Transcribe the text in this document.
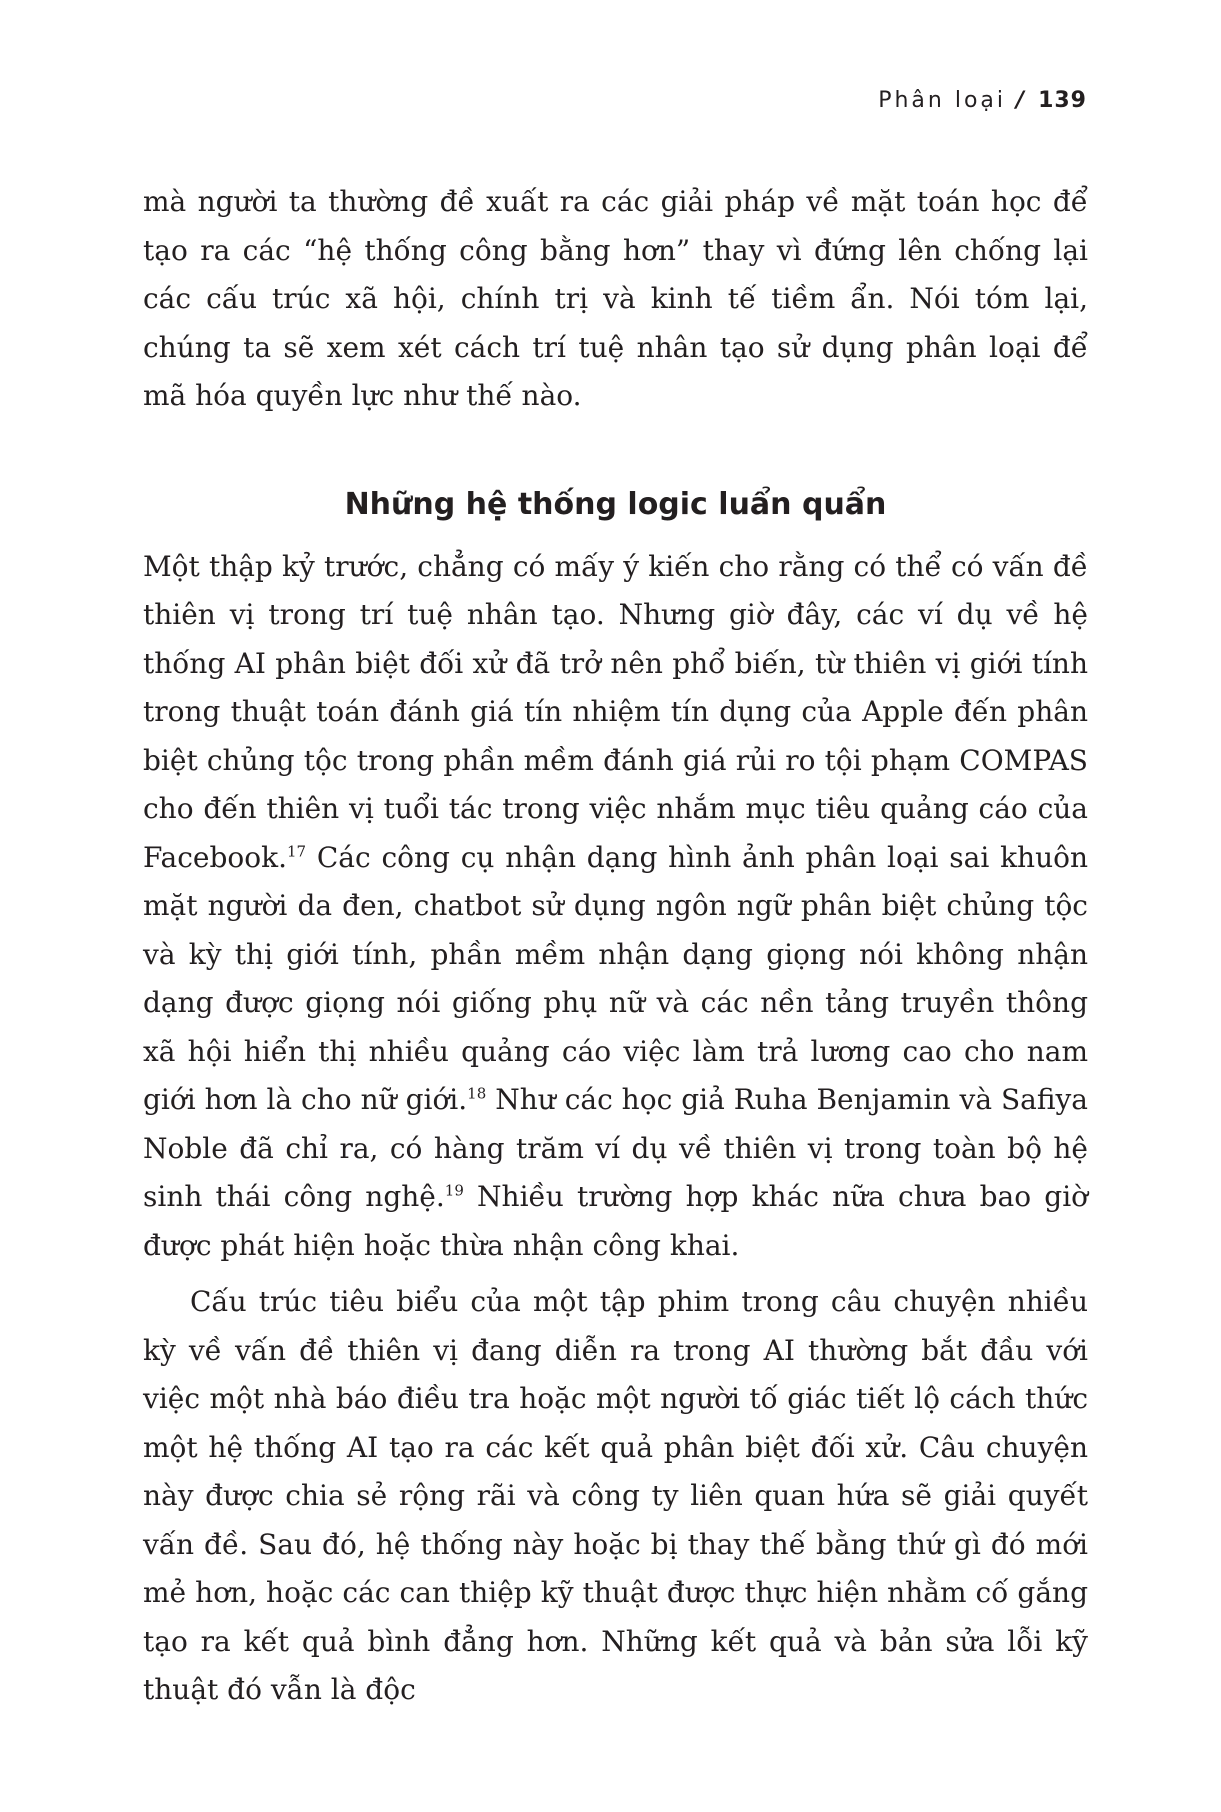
Phân loại / 139

mà người ta thường đề xuất ra các giải pháp về mặt toán học để tạo ra các “hệ thống công bằng hơn” thay vì đứng lên chống lại các cấu trúc xã hội, chính trị và kinh tế tiềm ẩn. Nói tóm lại, chúng ta sẽ xem xét cách trí tuệ nhân tạo sử dụng phân loại để mã hóa quyền lực như thế nào.

Những hệ thống logic luẩn quẩn

Một thập kỷ trước, chẳng có mấy ý kiến cho rằng có thể có vấn đề thiên vị trong trí tuệ nhân tạo. Nhưng giờ đây, các ví dụ về hệ thống AI phân biệt đối xử đã trở nên phổ biến, từ thiên vị giới tính trong thuật toán đánh giá tín nhiệm tín dụng của Apple đến phân biệt chủng tộc trong phần mềm đánh giá rủi ro tội phạm COMPAS cho đến thiên vị tuổi tác trong việc nhắm mục tiêu quảng cáo của Facebook.$^{17}$ Các công cụ nhận dạng hình ảnh phân loại sai khuôn mặt người da đen, chatbot sử dụng ngôn ngữ phân biệt chủng tộc và kỳ thị giới tính, phần mềm nhận dạng giọng nói không nhận dạng được giọng nói giống phụ nữ và các nền tảng truyền thông xã hội hiển thị nhiều quảng cáo việc làm trả lương cao cho nam giới hơn là cho nữ giới.$^{18}$ Như các học giả Ruha Benjamin và Safiya Noble đã chỉ ra, có hàng trăm ví dụ về thiên vị trong toàn bộ hệ sinh thái công nghệ.$^{19}$ Nhiều trường hợp khác nữa chưa bao giờ được phát hiện hoặc thừa nhận công khai.

Cấu trúc tiêu biểu của một tập phim trong câu chuyện nhiều kỳ về vấn đề thiên vị đang diễn ra trong AI thường bắt đầu với việc một nhà báo điều tra hoặc một người tố giác tiết lộ cách thức một hệ thống AI tạo ra các kết quả phân biệt đối xử. Câu chuyện này được chia sẻ rộng rãi và công ty liên quan hứa sẽ giải quyết vấn đề. Sau đó, hệ thống này hoặc bị thay thế bằng thứ gì đó mới mẻ hơn, hoặc các can thiệp kỹ thuật được thực hiện nhằm cố gắng tạo ra kết quả bình đẳng hơn. Những kết quả và bản sửa lỗi kỹ thuật đó vẫn là độc
